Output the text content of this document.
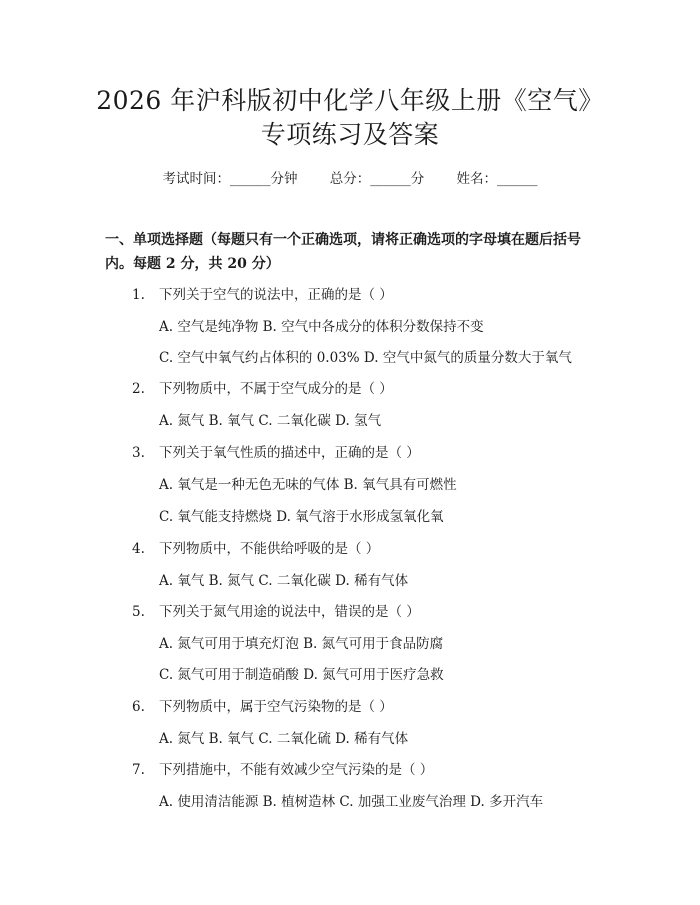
2026 年沪科版初中化学八年级上册《空气》
专项练习及答案
考试时间：______分钟 总分：______分 姓名：______
一、单项选择题（每题只有一个正确选项，请将正确选项的字母填在题后括号内。每题 2 分，共 20 分）
1. 下列关于空气的说法中，正确的是（ ）
A. 空气是纯净物 B. 空气中各成分的体积分数保持不变
C. 空气中氧气约占体积的 0.03% D. 空气中氮气的质量分数大于氧气
2. 下列物质中，不属于空气成分的是（ ）
A. 氮气 B. 氧气 C. 二氧化碳 D. 氢气
3. 下列关于氧气性质的描述中，正确的是（ ）
A. 氧气是一种无色无味的气体 B. 氧气具有可燃性
C. 氧气能支持燃烧 D. 氧气溶于水形成氢氧化氧
4. 下列物质中，不能供给呼吸的是（ ）
A. 氧气 B. 氮气 C. 二氧化碳 D. 稀有气体
5. 下列关于氮气用途的说法中，错误的是（ ）
A. 氮气可用于填充灯泡 B. 氮气可用于食品防腐
C. 氮气可用于制造硝酸 D. 氮气可用于医疗急救
6. 下列物质中，属于空气污染物的是（ ）
A. 氮气 B. 氧气 C. 二氧化硫 D. 稀有气体
7. 下列措施中，不能有效减少空气污染的是（ ）
A. 使用清洁能源 B. 植树造林 C. 加强工业废气治理 D. 多开汽车
